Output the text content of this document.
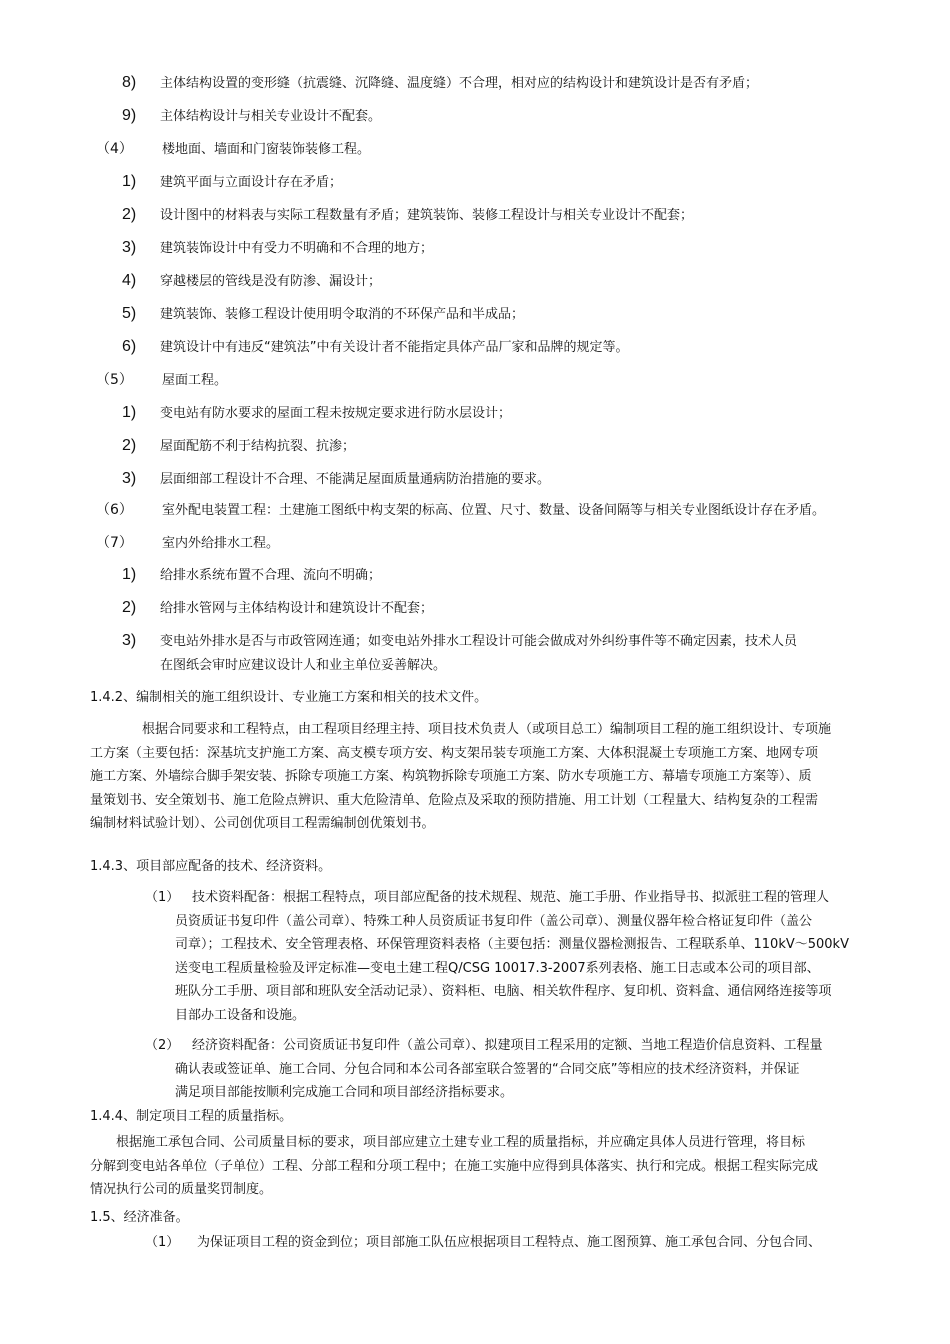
8) 主体结构设置的变形缝（抗震缝、沉降缝、温度缝）不合理，相对应的结构设计和建筑设计是否有矛盾；
9) 主体结构设计与相关专业设计不配套。
（4） 楼地面、墙面和门窗装饰装修工程。
1) 建筑平面与立面设计存在矛盾；
2) 设计图中的材料表与实际工程数量有矛盾；建筑装饰、装修工程设计与相关专业设计不配套；
3) 建筑装饰设计中有受力不明确和不合理的地方；
4) 穿越楼层的管线是没有防渗、漏设计；
5) 建筑装饰、装修工程设计使用明令取消的不环保产品和半成品；
6) 建筑设计中有违反“建筑法”中有关设计者不能指定具体产品厂家和品牌的规定等。
（5） 屋面工程。
1) 变电站有防水要求的屋面工程未按规定要求进行防水层设计；
2) 屋面配筋不利于结构抗裂、抗渗；
3) 层面细部工程设计不合理、不能满足屋面质量通病防治措施的要求。
（6） 室外配电装置工程：土建施工图纸中构支架的标高、位置、尺寸、数量、设备间隔等与相关专业图纸设计存在矛盾。
（7） 室内外给排水工程。
1) 给排水系统布置不合理、流向不明确；
2) 给排水管网与主体结构设计和建筑设计不配套；
3) 变电站外排水是否与市政管网连通；如变电站外排水工程设计可能会做成对外纠纷事件等不确定因素，技术人员
在图纸会审时应建议设计人和业主单位妥善解决。
1.4.2、编制相关的施工组织设计、专业施工方案和相关的技术文件。
根据合同要求和工程特点，由工程项目经理主持、项目技术负责人（或项目总工）编制项目工程的施工组织设计、专项施
工方案（主要包括：深基坑支护施工方案、高支模专项方安、构支架吊装专项施工方案、大体积混凝土专项施工方案、地网专项
施工方案、外墙综合脚手架安装、拆除专项施工方案、构筑物拆除专项施工方案、防水专项施工方、幕墙专项施工方案等）、质
量策划书、安全策划书、施工危险点辨识、重大危险清单、危险点及采取的预防措施、用工计划（工程量大、结构复杂的工程需
编制材料试验计划）、公司创优项目工程需编制创优策划书。
1.4.3、项目部应配备的技术、经济资料。
（1） 技术资料配备：根据工程特点，项目部应配备的技术规程、规范、施工手册、作业指导书、拟派驻工程的管理人
员资质证书复印件（盖公司章）、特殊工种人员资质证书复印件（盖公司章）、测量仪器年检合格证复印件（盖公
司章）；工程技术、安全管理表格、环保管理资料表格（主要包括：测量仪器检测报告、工程联系单、110kV～500kV
送变电工程质量检验及评定标准—变电土建工程Q/CSG 10017.3-2007系列表格、施工日志或本公司的项目部、
班队分工手册、项目部和班队安全活动记录）、资料柜、电脑、相关软件程序、复印机、资料盒、通信网络连接等项
目部办工设备和设施。
（2） 经济资料配备：公司资质证书复印件（盖公司章）、拟建项目工程采用的定额、当地工程造价信息资料、工程量
确认表或签证单、施工合同、分包合同和本公司各部室联合签署的“合同交底”等相应的技术经济资料，并保证
满足项目部能按顺利完成施工合同和项目部经济指标要求。
1.4.4、制定项目工程的质量指标。
根据施工承包合同、公司质量目标的要求，项目部应建立土建专业工程的质量指标，并应确定具体人员进行管理，将目标
分解到变电站各单位（子单位）工程、分部工程和分项工程中；在施工实施中应得到具体落实、执行和完成。根据工程实际完成
情况执行公司的质量奖罚制度。
1.5、经济准备。
（1） 为保证项目工程的资金到位；项目部施工队伍应根据项目工程特点、施工图预算、施工承包合同、分包合同、
